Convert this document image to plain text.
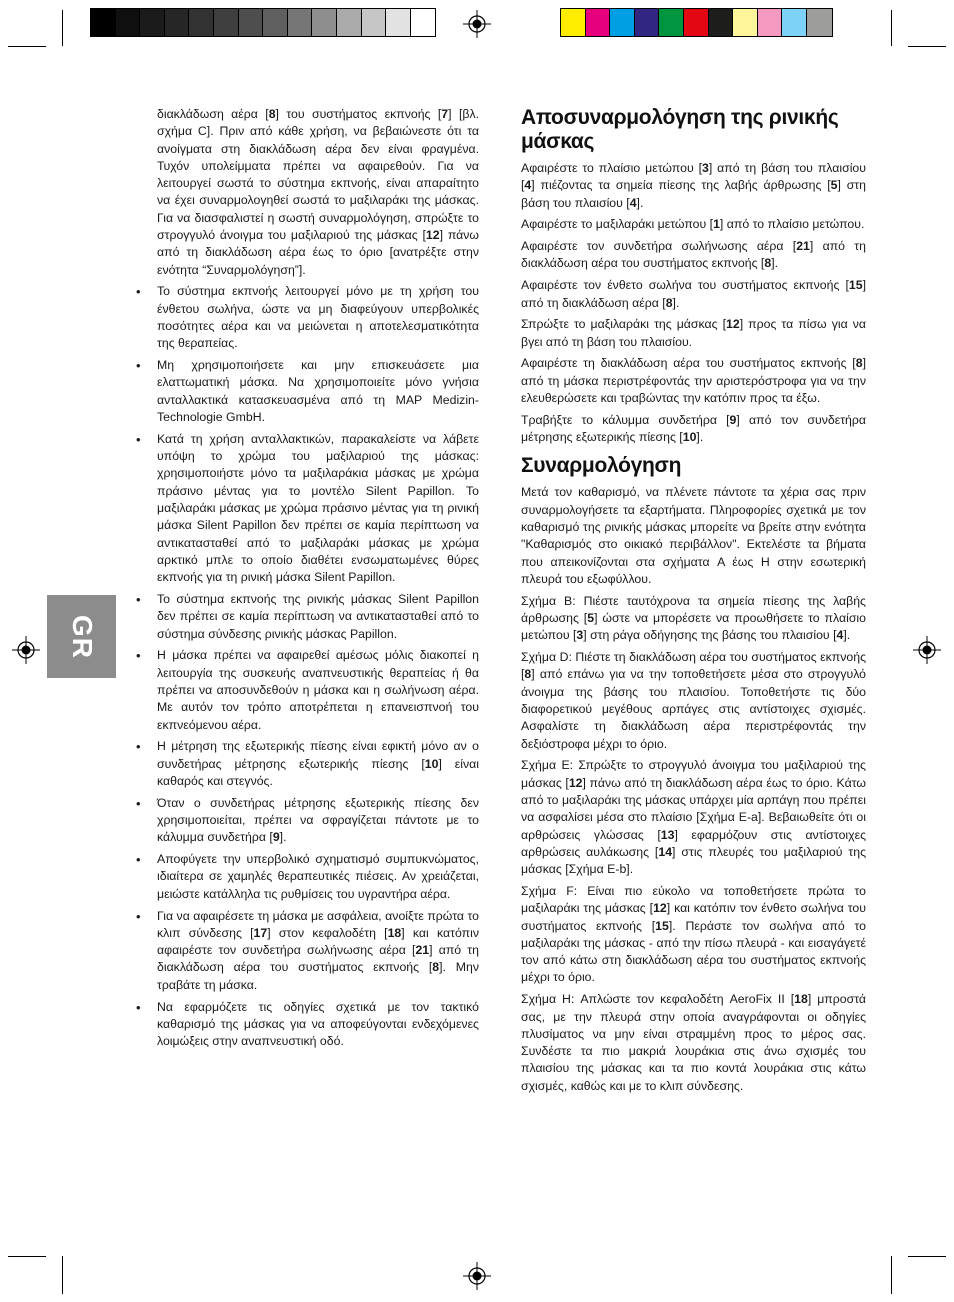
GR

διακλάδωση αέρα [8] του συστήματος εκπνοής [7] [βλ. σχήμα C]. Πριν από κάθε χρήση, να βεβαιώνεστε ότι τα ανοίγματα στη διακλάδωση αέρα δεν είναι φραγμένα. Τυχόν υπολείμματα πρέπει να αφαιρεθούν. Για να λειτουργεί σωστά το σύστημα εκπνοής, είναι απαραίτητο να έχει συναρμολογηθεί σωστά το μαξιλαράκι της μάσκας. Για να διασφαλιστεί η σωστή συναρμολόγηση, σπρώξτε το στρογγυλό άνοιγμα του μαξιλαριού της μάσκας [12] πάνω από τη διακλάδωση αέρα έως το όριο [ανατρέξτε στην ενότητα “Συναρμολόγηση”].

• Το σύστημα εκπνοής λειτουργεί μόνο με τη χρήση του ένθετου σωλήνα, ώστε να μη διαφεύγουν υπερβολικές ποσότητες αέρα και να μειώνεται η αποτελεσματικότητα της θεραπείας.
• Μη χρησιμοποιήσετε και μην επισκευάσετε μια ελαττωματική μάσκα. Να χρησιμοποιείτε μόνο γνήσια ανταλλακτικά κατασκευασμένα από τη MAP Medizin-Technologie GmbH.
• Κατά τη χρήση ανταλλακτικών, παρακαλείστε να λάβετε υπόψη το χρώμα του μαξιλαριού της μάσκας: χρησιμοποιήστε μόνο τα μαξιλαράκια μάσκας με χρώμα πράσινο μέντας για το μοντέλο Silent Papillon. Το μαξιλαράκι μάσκας με χρώμα πράσινο μέντας για τη ρινική μάσκα Silent Papillon δεν πρέπει σε καμία περίπτωση να αντικατασταθεί από το μαξιλαράκι μάσκας με χρώμα αρκτικό μπλε το οποίο διαθέτει ενσωματωμένες θύρες εκπνοής για τη ρινική μάσκα Silent Papillon.
• Το σύστημα εκπνοής της ρινικής μάσκας Silent Papillon δεν πρέπει σε καμία περίπτωση να αντικατασταθεί από το σύστημα σύνδεσης ρινικής μάσκας Papillon.
• Η μάσκα πρέπει να αφαιρεθεί αμέσως μόλις διακοπεί η λειτουργία της συσκευής αναπνευστικής θεραπείας ή θα πρέπει να αποσυνδεθούν η μάσκα και η σωλήνωση αέρα. Με αυτόν τον τρόπο αποτρέπεται η επανεισπνοή του εκπνεόμενου αέρα.
• Η μέτρηση της εξωτερικής πίεσης είναι εφικτή μόνο αν ο συνδετήρας μέτρησης εξωτερικής πίεσης [10] είναι καθαρός και στεγνός.
• Όταν ο συνδετήρας μέτρησης εξωτερικής πίεσης δεν χρησιμοποιείται, πρέπει να σφραγίζεται πάντοτε με το κάλυμμα συνδετήρα [9].
• Αποφύγετε την υπερβολικό σχηματισμό συμπυκνώματος, ιδιαίτερα σε χαμηλές θεραπευτικές πιέσεις. Αν χρειάζεται, μειώστε κατάλληλα τις ρυθμίσεις του υγραντήρα αέρα.
• Για να αφαιρέσετε τη μάσκα με ασφάλεια, ανοίξτε πρώτα το κλιπ σύνδεσης [17] στον κεφαλοδέτη [18] και κατόπιν αφαιρέστε τον συνδετήρα σωλήνωσης αέρα [21] από τη διακλάδωση αέρα του συστήματος εκπνοής [8]. Μην τραβάτε τη μάσκα.
• Να εφαρμόζετε τις οδηγίες σχετικά με τον τακτικό καθαρισμό της μάσκας για να αποφεύγονται ενδεχόμενες λοιμώξεις στην αναπνευστική οδό.
Αποσυναρμολόγηση της ρινικής μάσκας

Αφαιρέστε το πλαίσιο μετώπου [3] από τη βάση του πλαισίου [4] πιέζοντας τα σημεία πίεσης της λαβής άρθρωσης [5] στη βάση του πλαισίου [4].

Αφαιρέστε το μαξιλαράκι μετώπου [1] από το πλαίσιο μετώπου.

Αφαιρέστε τον συνδετήρα σωλήνωσης αέρα [21] από τη διακλάδωση αέρα του συστήματος εκπνοής [8].

Αφαιρέστε τον ένθετο σωλήνα του συστήματος εκπνοής [15] από τη διακλάδωση αέρα [8].

Σπρώξτε το μαξιλαράκι της μάσκας [12] προς τα πίσω για να βγει από τη βάση του πλαισίου.

Αφαιρέστε τη διακλάδωση αέρα του συστήματος εκπνοής [8] από τη μάσκα περιστρέφοντάς την αριστερόστροφα για να την ελευθερώσετε και τραβώντας την κατόπιν προς τα έξω.

Τραβήξτε το κάλυμμα συνδετήρα [9] από τον συνδετήρα μέτρησης εξωτερικής πίεσης [10].

Συναρμολόγηση

Μετά τον καθαρισμό, να πλένετε πάντοτε τα χέρια σας πριν συναρμολογήσετε τα εξαρτήματα. Πληροφορίες σχετικά με τον καθαρισμό της ρινικής μάσκας μπορείτε να βρείτε στην ενότητα "Καθαρισμός στο οικιακό περιβάλλον". Εκτελέστε τα βήματα που απεικονίζονται στα σχήματα A έως H στην εσωτερική πλευρά του εξωφύλλου.

Σχήμα B: Πιέστε ταυτόχρονα τα σημεία πίεσης της λαβής άρθρωσης [5] ώστε να μπορέσετε να προωθήσετε το πλαίσιο μετώπου [3] στη ράγα οδήγησης της βάσης του πλαισίου [4].

Σχήμα D: Πιέστε τη διακλάδωση αέρα του συστήματος εκπνοής [8] από επάνω για να την τοποθετήσετε μέσα στο στρογγυλό άνοιγμα της βάσης του πλαισίου. Τοποθετήστε τις δύο διαφορετικού μεγέθους αρπάγες στις αντίστοιχες σχισμές. Ασφαλίστε τη διακλάδωση αέρα περιστρέφοντάς την δεξιόστροφα μέχρι το όριο.

Σχήμα E: Σπρώξτε το στρογγυλό άνοιγμα του μαξιλαριού της μάσκας [12] πάνω από τη διακλάδωση αέρα έως το όριο. Κάτω από το μαξιλαράκι της μάσκας υπάρχει μία αρπάγη που πρέπει να ασφαλίσει μέσα στο πλαίσιο [Σχήμα E-a]. Βεβαιωθείτε ότι οι αρθρώσεις γλώσσας [13] εφαρμόζουν στις αντίστοιχες αρθρώσεις αυλάκωσης [14] στις πλευρές του μαξιλαριού της μάσκας [Σχήμα E-b].

Σχήμα F: Είναι πιο εύκολο να τοποθετήσετε πρώτα το μαξιλαράκι της μάσκας [12] και κατόπιν τον ένθετο σωλήνα του συστήματος εκπνοής [15]. Περάστε τον σωλήνα από το μαξιλαράκι της μάσκας - από την πίσω πλευρά - και εισαγάγετέ τον από κάτω στη διακλάδωση αέρα του συστήματος εκπνοής μέχρι το όριο.

Σχήμα H: Απλώστε τον κεφαλοδέτη AeroFix II [18] μπροστά σας, με την πλευρά στην οποία αναγράφονται οι οδηγίες πλυσίματος να μην είναι στραμμένη προς το μέρος σας. Συνδέστε τα πιο μακριά λουράκια στις άνω σχισμές του πλαισίου της μάσκας και τα πιο κοντά λουράκια στις κάτω σχισμές, καθώς και με το κλιπ σύνδεσης.
